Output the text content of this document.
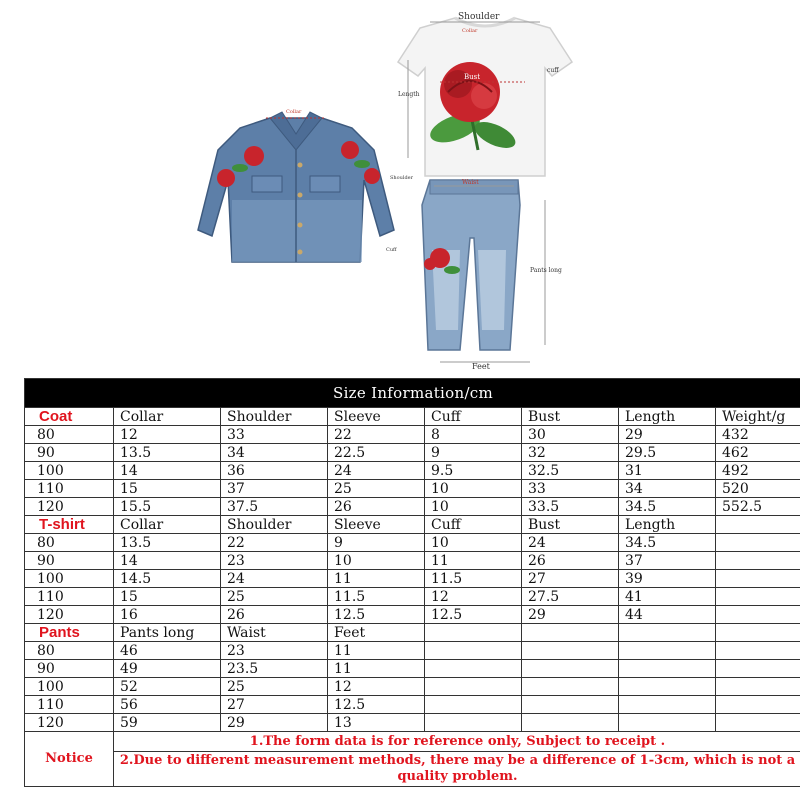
Shoulder
Collar
Length
cuff
Bust
Collar
Shoulder
Cuff
Waist
Pants long
Feet
Size Information/cm							
Coat	Collar	Shoulder	Sleeve	Cuff	Bust	Length	Weight/g
80	12	33	22	8	30	29	432
90	13.5	34	22.5	9	32	29.5	462
100	14	36	24	9.5	32.5	31	492
110	15	37	25	10	33	34	520
120	15.5	37.5	26	10	33.5	34.5	552.5
T-shirt	Collar	Shoulder	Sleeve	Cuff	Bust	Length	
80	13.5	22	9	10	24	34.5	
90	14	23	10	11	26	37	
100	14.5	24	11	11.5	27	39	
110	15	25	11.5	12	27.5	41	
120	16	26	12.5	12.5	29	44	
Pants	Pants long	Waist	Feet				
80	46	23	11				
90	49	23.5	11				
100	52	25	12				
110	56	27	12.5				
120	59	29	13				
Notice	1.The form data is for reference only, Subject to receipt .						
	2.Due to different measurement methods, there may be a difference of 1-3cm, which is not a quality problem.						
